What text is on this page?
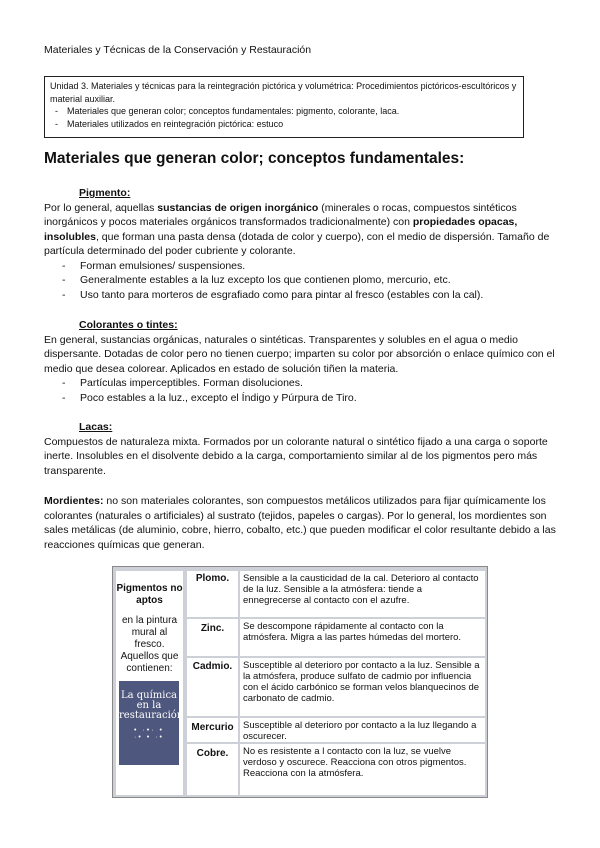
Materiales y Técnicas de la Conservación y Restauración
Unidad 3. Materiales y técnicas para la reintegración pictórica y volumétrica: Procedimientos pictóricos-escultóricos y material auxiliar.
- Materiales que generan color; conceptos fundamentales: pigmento, colorante, laca.
- Materiales utilizados en reintegración pictórica: estuco
Materiales que generan color; conceptos fundamentales:
Pigmento:

Por lo general, aquellas sustancias de origen inorgánico (minerales o rocas, compuestos sintéticos inorgánicos y pocos materiales orgánicos transformados tradicionalmente) con propiedades opacas, insolubles, que forman una pasta densa (dotada de color y cuerpo), con el medio de dispersión. Tamaño de partícula determinado del poder cubriente y colorante.

- Forman emulsiones/ suspensiones.
- Generalmente estables a la luz excepto los que contienen plomo, mercurio, etc.
- Uso tanto para morteros de esgrafiado como para pintar al fresco (estables con la cal).
Colorantes o tintes:

En general, sustancias orgánicas, naturales o sintéticas. Transparentes y solubles en el agua o medio dispersante. Dotadas de color pero no tienen cuerpo; imparten su color por absorción o enlace químico con el medio que desea colorear. Aplicados en estado de solución tiñen la materia.

- Partículas imperceptibles. Forman disoluciones.
- Poco estables a la luz., excepto el Índigo y Púrpura de Tiro.
Lacas:

Compuestos de naturaleza mixta. Formados por un colorante natural o sintético fijado a una carga o soporte inerte. Insolubles en el disolvente debido a la carga, comportamiento similar al de los pigmentos pero más transparente.

Mordientes: no son materiales colorantes, son compuestos metálicos utilizados para fijar químicamente los colorantes (naturales o artificiales) al sustrato (tejidos, papeles o cargas). Por lo general, los mordientes son sales metálicas (de aluminio, cobre, hierro, cobalto, etc.) que pueden modificar el color resultante debido a las reacciones químicas que generan.

Pigmentos no aptos
en la pintura mural al fresco. Aquellos que contienen:
La química en la restauración
• ·•· •
·• • ·•
Plomo.	Sensible a la causticidad de la cal. Deterioro al contacto de la luz. Sensible a la atmósfera: tiende a ennegrecerse al contacto con el azufre.
Zinc.	Se descompone rápidamente al contacto con la atmósfera. Migra a las partes húmedas del mortero.
Cadmio.	Susceptible al deterioro por contacto a la luz. Sensible a la atmósfera, produce sulfato de cadmio por influencia con el ácido carbónico se forman velos blanquecinos de carbonato de cadmio.
Mercurio Susceptible al deterioro por contacto a la luz llegando a oscurecer.
Cobre.	No es resistente a l contacto con la luz, se vuelve verdoso y oscurece. Reacciona con otros pigmentos. Reacciona con la atmósfera.
